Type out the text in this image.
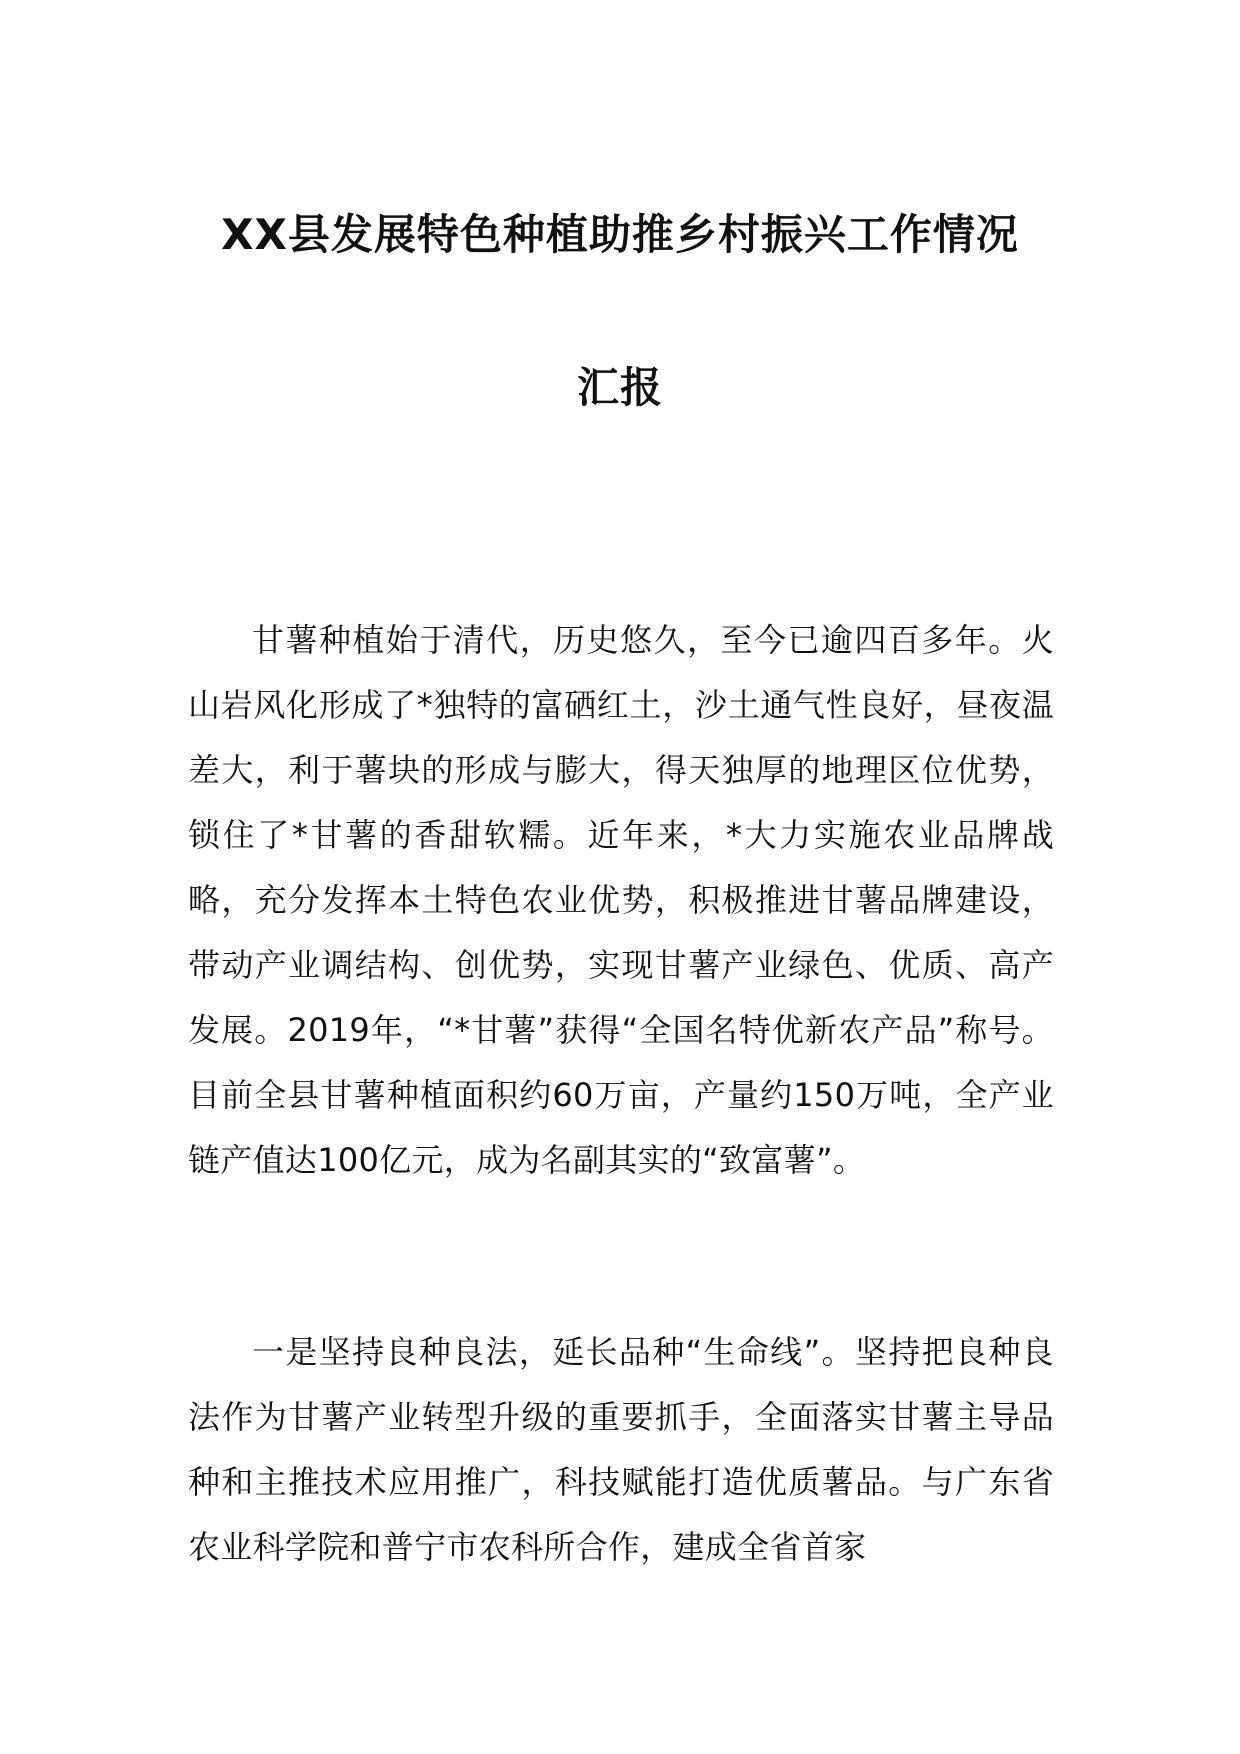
XX县发展特色种植助推乡村振兴工作情况
汇报

甘薯种植始于清代，历史悠久，至今已逾四百多年。火山岩风化形成了*独特的富硒红土，沙土通气性良好，昼夜温差大，利于薯块的形成与膨大，得天独厚的地理区位优势，锁住了*甘薯的香甜软糯。近年来，*大力实施农业品牌战略，充分发挥本土特色农业优势，积极推进甘薯品牌建设，带动产业调结构、创优势，实现甘薯产业绿色、优质、高产发展。2019年，“*甘薯”获得“全国名特优新农产品”称号。目前全县甘薯种植面积约60万亩，产量约150万吨，全产业链产值达100亿元，成为名副其实的“致富薯”。

一是坚持良种良法，延长品种“生命线”。坚持把良种良法作为甘薯产业转型升级的重要抓手，全面落实甘薯主导品种和主推技术应用推广，科技赋能打造优质薯品。与广东省农业科学院和普宁市农科所合作，建成全省首家
